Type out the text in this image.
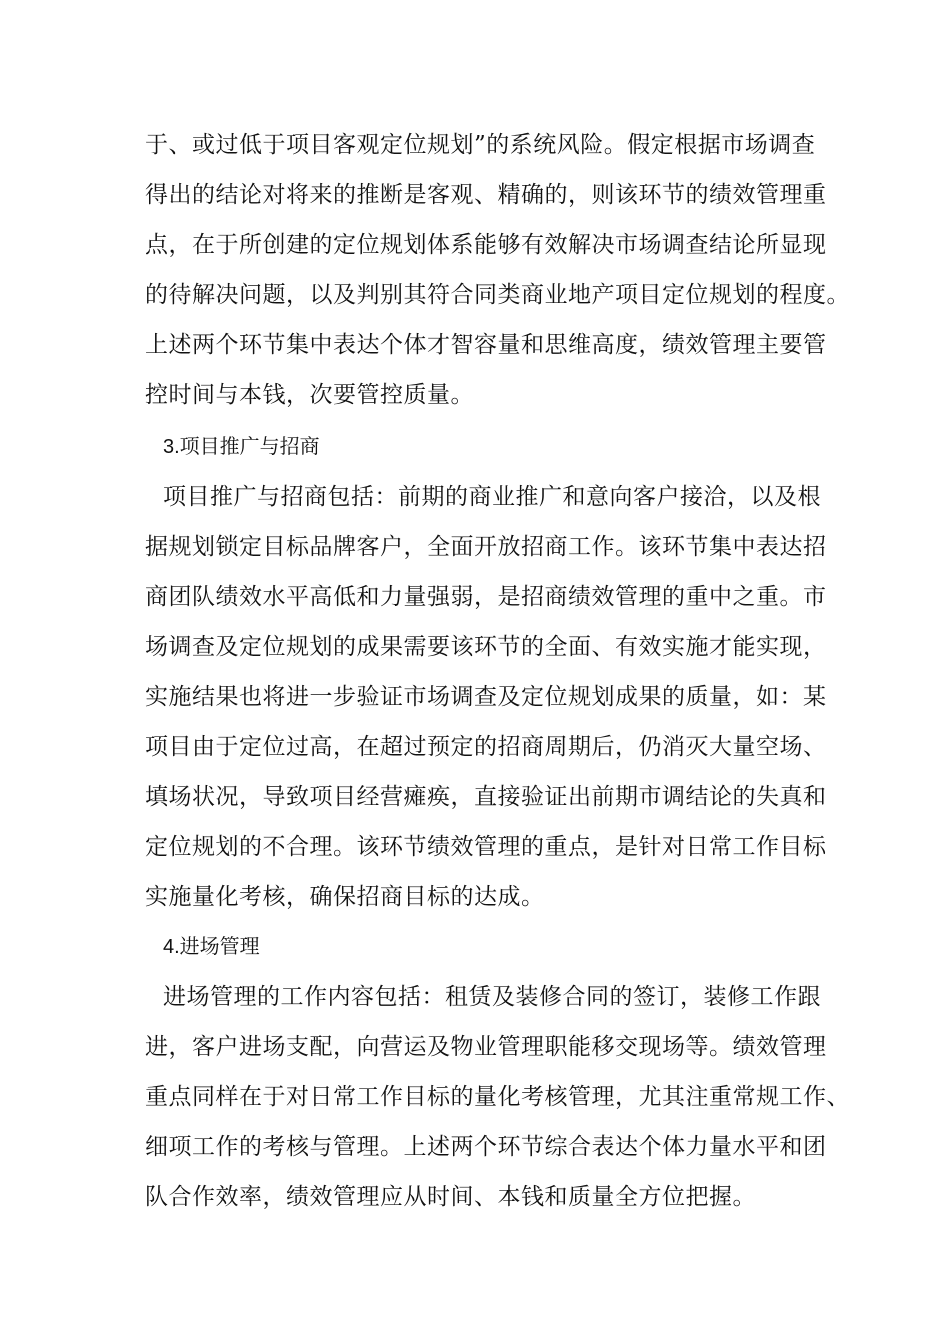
于、或过低于项目客观定位规划”的系统风险。假定根据市场调查
得出的结论对将来的推断是客观、精确的，则该环节的绩效管理重
点，在于所创建的定位规划体系能够有效解决市场调查结论所显现
的待解决问题，以及判别其符合同类商业地产项目定位规划的程度。
上述两个环节集中表达个体才智容量和思维高度，绩效管理主要管
控时间与本钱，次要管控质量。
3.项目推广与招商
项目推广与招商包括：前期的商业推广和意向客户接洽，以及根
据规划锁定目标品牌客户，全面开放招商工作。该环节集中表达招
商团队绩效水平高低和力量强弱，是招商绩效管理的重中之重。市
场调查及定位规划的成果需要该环节的全面、有效实施才能实现，
实施结果也将进一步验证市场调查及定位规划成果的质量，如：某
项目由于定位过高，在超过预定的招商周期后，仍消灭大量空场、
填场状况，导致项目经营瘫痪，直接验证出前期市调结论的失真和
定位规划的不合理。该环节绩效管理的重点，是针对日常工作目标
实施量化考核，确保招商目标的达成。
4.进场管理
进场管理的工作内容包括：租赁及装修合同的签订，装修工作跟
进，客户进场支配，向营运及物业管理职能移交现场等。绩效管理
重点同样在于对日常工作目标的量化考核管理，尤其注重常规工作、
细项工作的考核与管理。上述两个环节综合表达个体力量水平和团
队合作效率，绩效管理应从时间、本钱和质量全方位把握。
